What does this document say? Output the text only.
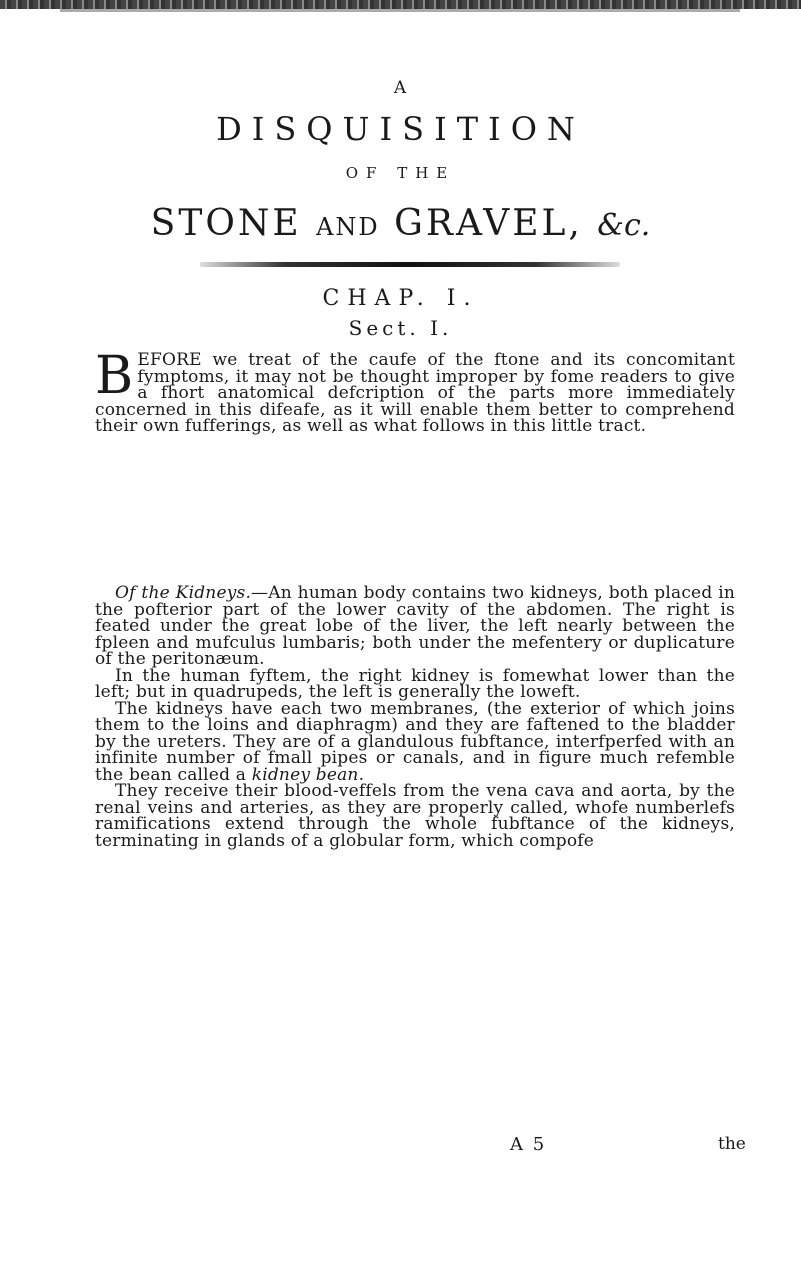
A
DISQUISITION
OF THE
STONE AND GRAVEL, &c.
CHAP. I.
Sect. I.
BEFORE we treat of the caufe of the ftone and its concomitant fymptoms, it may not be thought improper by fome readers to give a fhort anatomical defcription of the parts more immediately concerned in this difeafe, as it will enable them better to comprehend their own fufferings, as well as what follows in this little tract.

Of the Kidneys.—An human body contains two kidneys, both placed in the pofterior part of the lower cavity of the abdomen. The right is feated under the great lobe of the liver, the left nearly between the fpleen and mufculus lumbaris; both under the mefentery or duplicature of the peritonæum.

In the human fyftem, the right kidney is fomewhat lower than the left; but in quadrupeds, the left is generally the loweft.

The kidneys have each two membranes, (the exterior of which joins them to the loins and diaphragm) and they are faftened to the bladder by the ureters. They are of a glandulous fubftance, interfperfed with an infinite number of fmall pipes or canals, and in figure much refemble the bean called a kidney bean.

They receive their blood-veffels from the vena cava and aorta, by the renal veins and arteries, as they are properly called, whofe numberlefs ramifications extend through the whole fubftance of the kidneys, terminating in glands of a globular form, which compofe

A 5	the
